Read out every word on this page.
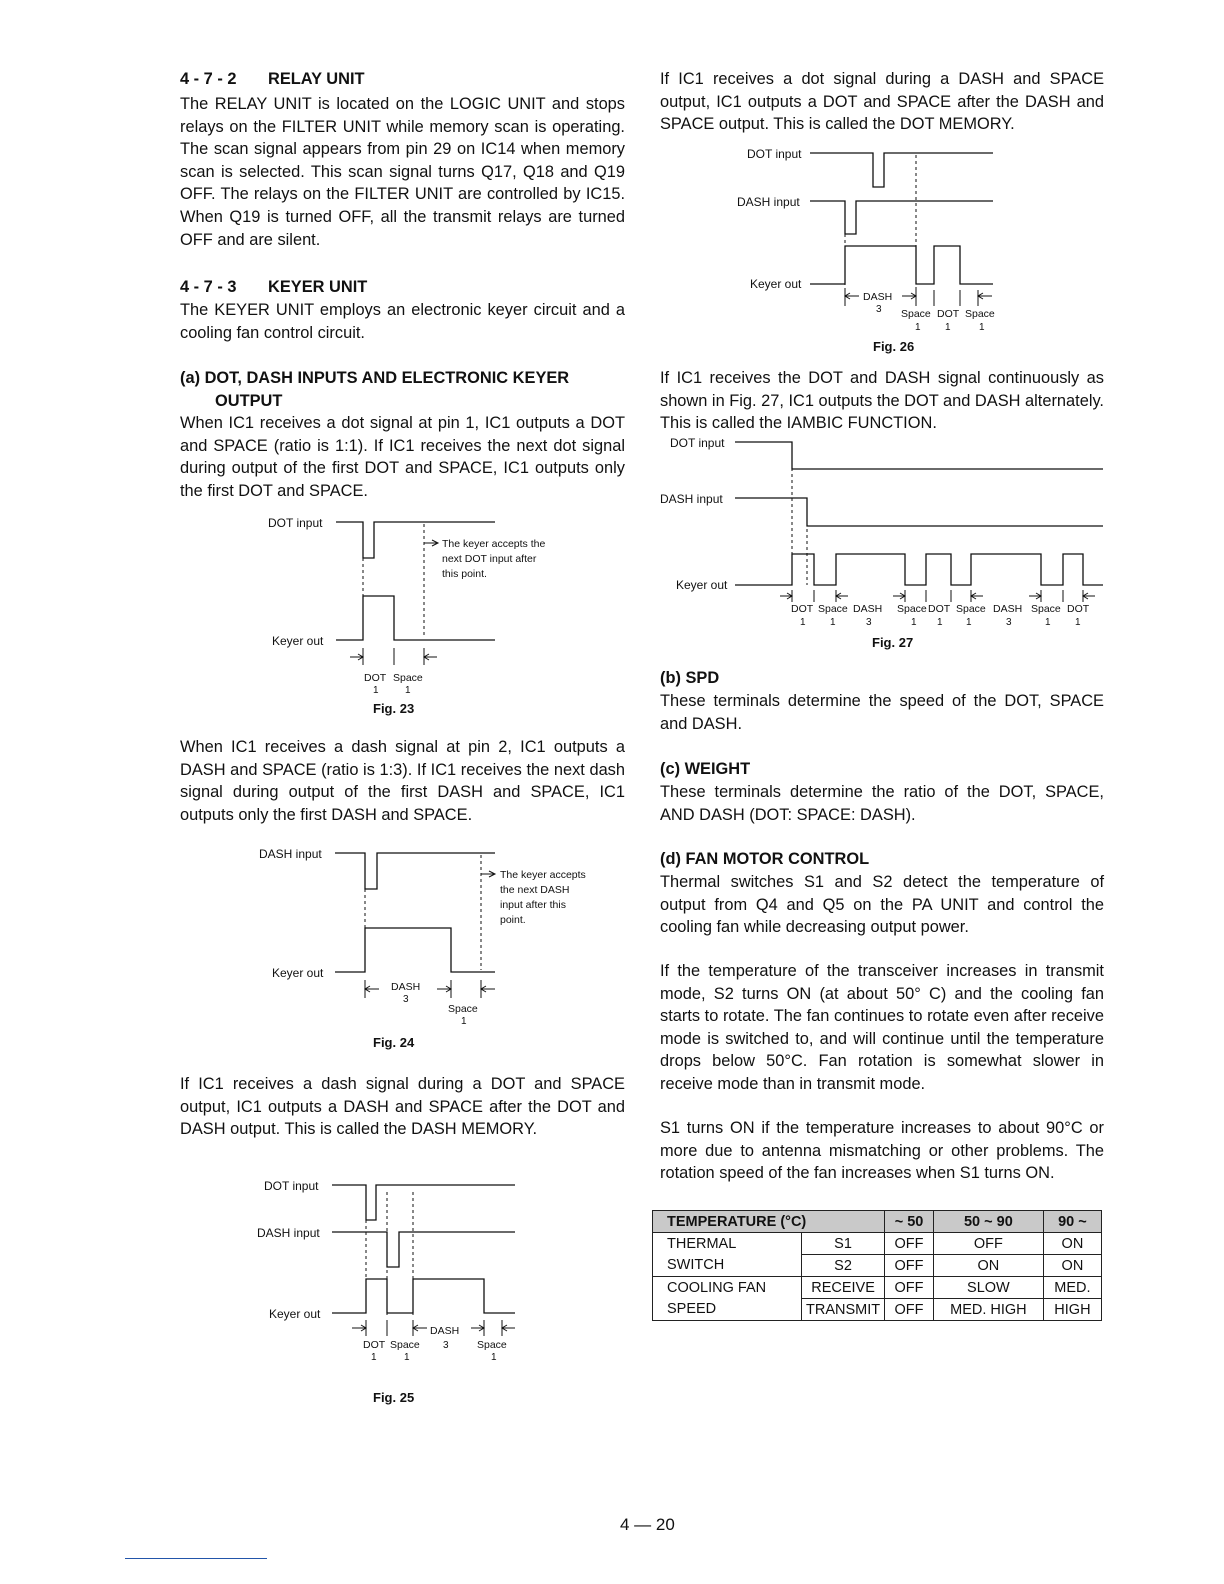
4 - 7 - 2 RELAY UNIT

The RELAY UNIT is located on the LOGIC UNIT and stops relays on the FILTER UNIT while memory scan is operating. The scan signal appears from pin 29 on IC14 when memory scan is selected. This scan signal turns Q17, Q18 and Q19 OFF. The relays on the FILTER UNIT are controlled by IC15. When Q19 is turned OFF, all the transmit relays are turned OFF and are silent.

4 - 7 - 3 KEYER UNIT

The KEYER UNIT employs an electronic keyer circuit and a cooling fan control circuit.

(a) DOT, DASH INPUTS AND ELECTRONIC KEYER OUTPUT

When IC1 receives a dot signal at pin 1, IC1 outputs a DOT and SPACE (ratio is 1:1). If IC1 receives the next dot signal during output of the first DOT and SPACE, IC1 outputs only the first DOT and SPACE.

DOT input
The keyer accepts the
next DOT input after
this point.
Keyer out
DOT Space
1	1
Fig. 23

When IC1 receives a dash signal at pin 2, IC1 outputs a DASH and SPACE (ratio is 1:3). If IC1 receives the next dash signal during output of the first DASH and SPACE, IC1 outputs only the first DASH and SPACE.

DASH input
The keyer accepts
the next DASH
input after this
point.
Keyer out
DASH
3
Space
1
Fig. 24

If IC1 receives a dash signal during a DOT and SPACE output, IC1 outputs a DASH and SPACE after the DOT and DASH output. This is called the DASH MEMORY.

DOT input
DASH input
Keyer out
DASH
DOT Space 3	Space
1	1	1
Fig. 25

If IC1 receives a dot signal during a DASH and SPACE output, IC1 outputs a DOT and SPACE after the DASH and SPACE output. This is called the DOT MEMORY.

DOT input
DASH input
Keyer out
DASH
3 Space DOT Space
1 1	1
Fig. 26

If IC1 receives the DOT and DASH signal continuously as shown in Fig. 27, IC1 outputs the DOT and DASH alternately. This is called the IAMBIC FUNCTION.

DOT input
DASH input
Keyer out
DOT Space DASH Space DOT Space DASH Space DOT
1 1	3	1 1 1	3	1 1
Fig. 27
(b) SPD

These terminals determine the speed of the DOT, SPACE and DASH.

(c) WEIGHT

These terminals determine the ratio of the DOT, SPACE, AND DASH (DOT: SPACE: DASH).

(d) FAN MOTOR CONTROL

Thermal switches S1 and S2 detect the temperature of output from Q4 and Q5 on the PA UNIT and control the cooling fan while decreasing output power.

If the temperature of the transceiver increases in transmit mode, S2 turns ON (at about 50° C) and the cooling fan starts to rotate. The fan continues to rotate even after receive mode is switched to, and will continue until the temperature drops below 50°C. Fan rotation is somewhat slower in receive mode than in transmit mode.

S1 turns ON if the temperature increases to about 90°C or more due to antenna mismatching or other problems. The rotation speed of the fan increases when S1 turns ON.

TEMPERATURE (°C)		~ 50	50 ~ 90	90 ~
THERMAL	S1	OFF	OFF	ON
SWITCH	S2	OFF	ON	ON
COOLING FAN	RECEIVE	OFF	SLOW	MED.
SPEED	TRANSMIT	OFF	MED. HIGH	HIGH
4 — 20
